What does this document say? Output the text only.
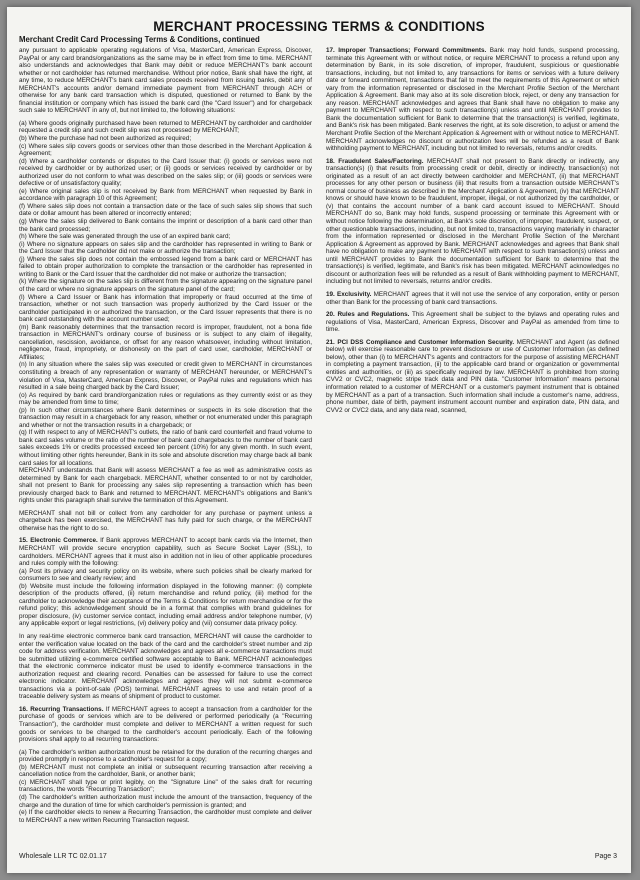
MERCHANT PROCESSING TERMS & CONDITIONS
Merchant Credit Card Processing Terms & Conditions, continued

any pursuant to applicable operating regulations of Visa, MasterCard, American Express, Discover, PayPal or any card brands/organizations as the same may be in effect from time to time. MERCHANT also understands and acknowledges that Bank may debit or reduce MERCHANT's bank account whether or not cardholder has returned merchandise. Without prior notice, Bank shall have the right, at any time, to reduce MERCHANT's bank card sales proceeds received from issuing banks, debit any of MERCHANT's accounts and/or demand immediate payment from MERCHANT through ACH or otherwise for any bank card transaction which is disputed, questioned or returned to Bank by the financial institution or company which has issued the bank card (the "Card Issuer") and for chargeback such sale to MERCHANT in any of, but not limited to, the following situations:

(a) Where goods originally purchased have been returned to MERCHANT by cardholder and cardholder requested a credit slip and such credit slip was not processed by MERCHANT;

(b) Where the purchase had not been authorized as required;

(c) Where sales slip covers goods or services other than those described in the Merchant Application & Agreement;

(d) Where a cardholder contends or disputes to the Card Issuer that: (i) goods or services were not received by cardholder or by authorized user; or (ii) goods or services received by cardholder or by authorized user do not conform to what was described on the sales slip; or (iii) goods or services were defective or of unsatisfactory quality;

(e) Where original sales slip is not received by Bank from MERCHANT when requested by Bank in accordance with paragraph 10 of this Agreement;

(f) Where sales slip does not contain a transaction date or the face of such sales slip shows that such date or dollar amount has been altered or incorrectly entered;

(g) Where the sales slip delivered to Bank contains the imprint or description of a bank card other than the bank card processed;

(h) Where the sale was generated through the use of an expired bank card;

(i) Where no signature appears on sales slip and the cardholder has represented in writing to Bank or the Card Issuer that the cardholder did not make or authorize the transaction;

(j) Where the sales slip does not contain the embossed legend from a bank card or MERCHANT has failed to obtain proper authorization to complete the transaction or the cardholder has represented in writing to Bank or the Card Issuer that the cardholder did not make or authorize the transaction;

(k) Where the signature on the sales slip is different from the signature appearing on the signature panel of the card or where no signature appears on the signature panel of the card;

(l) Where a Card Issuer or Bank has information that improperly or fraud occurred at the time of transaction, whether or not such transaction was properly authorized by the Card Issuer or the cardholder participated in or authorized the transaction, or the Card Issuer represents that there is no bank card outstanding with the account number used;

(m) Bank reasonably determines that the transaction record is improper, fraudulent, not a bona fide transaction in MERCHANT's ordinary course of business or is subject to any claim of illegality, cancellation, rescission, avoidance, or offset for any reason whatsoever, including without limitation, negligence, fraud, impropriety, or dishonesty on the part of card user, cardholder, MERCHANT or Affiliates;

(n) In any situation where the sales slip was executed or credit given to MERCHANT in circumstances constituting a breach of any representation or warranty of MERCHANT hereunder, or MERCHANT's violation of Visa, MasterCard, American Express, Discover, or PayPal rules and regulations which has resulted in a sale being charged back by the Card Issuer;

(o) As required by bank card brand/organization rules or regulations as they currently exist or as they may be amended from time to time;

(p) In such other circumstances where Bank determines or suspects in its sole discretion that the transaction may result in a chargeback for any reason, whether or not enumerated under this paragraph and whether or not the transaction results in a chargeback; or

(q) If with respect to any of MERCHANT's outlets, the ratio of bank card counterfeit and fraud volume to bank card sales volume or the ratio of the number of bank card chargebacks to the number of bank card sales exceeds 1% or credits processed exceed ten percent (10%) for any given month. In such event, without limiting other rights hereunder, Bank in its sole and absolute discretion may charge back all bank card sales for all locations.

MERCHANT understands that Bank will assess MERCHANT a fee as well as administrative costs as determined by Bank for each chargeback. MERCHANT, whether consented to or not by cardholder, shall not present to Bank for processing any sales slip representing a transaction which has been previously charged back to Bank and returned to MERCHANT. MERCHANT's obligations and Bank's rights under this paragraph shall survive the termination of this Agreement.

MERCHANT shall not bill or collect from any cardholder for any purchase or payment unless a chargeback has been exercised, the MERCHANT has fully paid for such charge, or the MERCHANT otherwise has the right to do so.

15. Electronic Commerce. If Bank approves MERCHANT to accept bank cards via the Internet, then MERCHANT will provide secure encryption capability, such as Secure Socket Layer (SSL), to cardholders. MERCHANT agrees that it must also in addition not in lieu of other applicable procedures and rules comply with the following:

(a) Post its privacy and security policy on its website, where such policies shall be clearly marked for consumers to see and clearly review; and

(b) Website must include the following information displayed in the following manner: (i) complete description of the products offered, (ii) return merchandise and refund policy, (iii) method for the cardholder to acknowledge their acceptance of the Terms & Conditions for return merchandise or for the refund policy; this acknowledgement should be in a format that complies with brand guidelines for proper disclosure, (iv) customer service contact, including email address and/or telephone number, (v) any applicable export or legal restrictions, (vi) delivery policy and (vii) consumer data privacy policy.

In any real-time electronic commerce bank card transaction, MERCHANT will cause the cardholder to enter the verification value located on the back of the card and the cardholder's street number and zip code for address verification. MERCHANT acknowledges and agrees all e-commerce transactions must be submitted utilizing e-commerce certified software acceptable to Bank. MERCHANT acknowledges that the electronic commerce indicator must be used to identify e-commerce transactions in the authorization request and clearing record. Penalties can be assessed for failure to use the correct electronic indicator. MERCHANT acknowledges and agrees they will not submit e-commerce transactions via a point-of-sale (POS) terminal. MERCHANT agrees to use and retain proof of a traceable delivery system as means of shipment of product to customer.

16. Recurring Transactions. If MERCHANT agrees to accept a transaction from a cardholder for the purchase of goods or services which are to be delivered or performed periodically (a "Recurring Transaction"), the cardholder must complete and deliver to MERCHANT a written request for such goods or services to be charged to the cardholder's account periodically. Each of the following provisions shall apply to all recurring transactions:

(a) The cardholder's written authorization must be retained for the duration of the recurring charges and provided promptly in response to a cardholder's request for a copy;

(b) MERCHANT must not complete an initial or subsequent recurring transaction after receiving a cancellation notice from the cardholder, Bank, or another bank;

(c) MERCHANT shall type or print legibly, on the "Signature Line" of the sales draft for recurring transactions, the words "Recurring Transaction";

(d) The cardholder's written authorization must include the amount of the transaction, frequency of the charge and the duration of time for which cardholder's permission is granted; and

(e) If the cardholder elects to renew a Recurring Transaction, the cardholder must complete and deliver to MERCHANT a new written Recurring Transaction request.

17. Improper Transactions; Forward Commitments. Bank may hold funds, suspend processing, terminate this Agreement with or without notice, or require MERCHANT to process a refund upon any determination by Bank, in its sole discretion, of improper, fraudulent, suspicious or questionable transactions, including, but not limited to, any transactions for items or services with a future delivery date or forward commitment, transactions that fail to meet the requirements of this Agreement or which vary from the information represented or disclosed in the Merchant Profile Section of the Merchant Application & Agreement. Bank may also at its sole discretion block, reject, or deny any transaction for any reason. MERCHANT acknowledges and agrees that Bank shall have no obligation to make any payment to MERCHANT with respect to such transaction(s) unless and until MERCHANT provides to Bank the documentation sufficient for Bank to determine that the transaction(s) is verified, legitimate, and Bank's risk has been mitigated. Bank reserves the right, at its sole discretion, to adjust or amend the Merchant Profile Section of the Merchant Application & Agreement with or without notice to MERCHANT. MERCHANT acknowledges no discount or authorization fees will be refunded as a result of Bank withholding payment to MERCHANT, including but not limited to reversals, returns and/or credits.

18. Fraudulent Sales/Factoring. MERCHANT shall not present to Bank directly or indirectly, any transaction(s) (i) that results from processing credit or debit, directly or indirectly, transaction(s) not originated as a result of an act directly between cardholder and MERCHANT, (ii) that MERCHANT processes for any other person or business (iii) that results from a transaction outside MERCHANT's normal course of business as described in the Merchant Application & Agreement, (iv) that MERCHANT knows or should have known to be fraudulent, improper, illegal, or not authorized by the cardholder, or (v) that contains the account number of a bank card account issued to MERCHANT. Should MERCHANT do so, Bank may hold funds, suspend processing or terminate this Agreement with or without notice following the determination, at Bank's sole discretion, of improper, fraudulent, suspect, or other questionable transactions, including, but not limited to, transactions varying materially in character from the information represented or disclosed in the Merchant Profile Section of the Merchant Application & Agreement as approved by Bank. MERCHANT acknowledges and agrees that Bank shall have no obligation to make any payment to MERCHANT with respect to such transaction(s) unless and until MERCHANT provides to Bank the documentation sufficient for Bank to determine that the transaction(s) is verified, legitimate, and Bank's risk has been mitigated. MERCHANT acknowledges no discount or authorization fees will be refunded as a result of Bank withholding payment to MERCHANT, including but not limited to reversals, returns and/or credits.

19. Exclusivity. MERCHANT agrees that it will not use the service of any corporation, entity or person other than Bank for the processing of bank card transactions.

20. Rules and Regulations. This Agreement shall be subject to the bylaws and operating rules and regulations of Visa, MasterCard, American Express, Discover and PayPal as amended from time to time.

21. PCI DSS Compliance and Customer Information Security. MERCHANT and Agent (as defined below) will exercise reasonable care to prevent disclosure or use of Customer Information (as defined below), other than (i) to MERCHANT's agents and contractors for the purpose of assisting MERCHANT in completing a payment transaction, (ii) to the applicable card brand or organization or governmental entities and authorities, or (iii) as specifically required by law. MERCHANT is prohibited from storing CVV2 or CVC2, magnetic stripe track data and PIN data. "Customer Information" means personal information related to a customer of MERCHANT or a customer's payment instrument that is obtained by MERCHANT as a part of a transaction. Such information shall include a customer's name, address, phone number, date of birth, payment instrument account number and expiration date, PIN data, and CVV2 or CVC2 data, and any data read, scanned,

Wholesale LLR TC 02.01.17	Page 3
